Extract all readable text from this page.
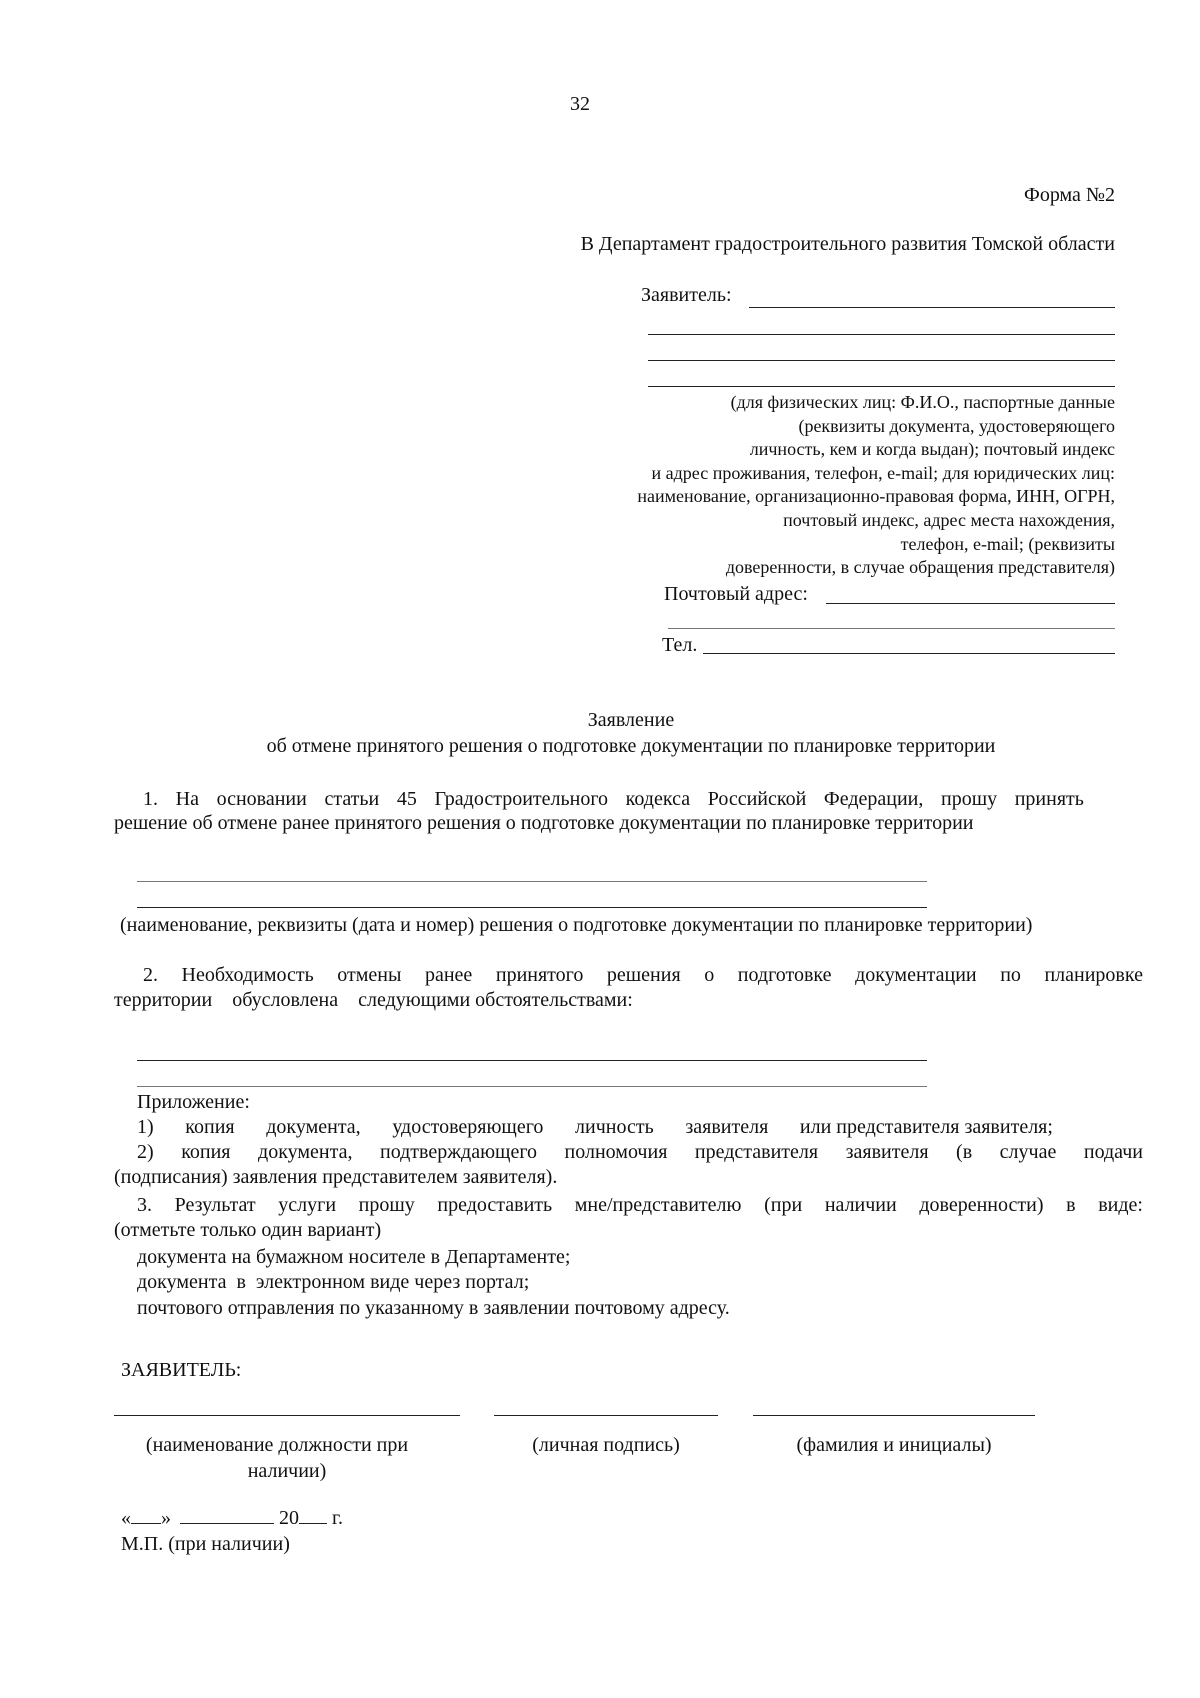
32
Форма №2
В Департамент градостроительного развития Томской области
Заявитель:
(для физических лиц: Ф.И.О., паспортные данные
(реквизиты документа, удостоверяющего
личность, кем и когда выдан); почтовый индекс
и адрес проживания, телефон, e-mail; для юридических лиц:
наименование, организационно-правовая форма, ИНН, ОГРН,
почтовый индекс, адрес места нахождения,
телефон, e-mail; (реквизиты
доверенности, в случае обращения представителя)
Почтовый адрес:
Тел.
Заявление
об отмене принятого решения о подготовке документации по планировке территории
1. На основании статьи 45 Градостроительного кодекса Российской Федерации, прошу принять
решение об отмене ранее принятого решения о подготовке документации по планировке территории
(наименование, реквизиты (дата и номер) решения о подготовке документации по планировке территории)
2. Необходимость отмены ранее принятого решения о подготовке документации по планировке
территории    обусловлена    следующими обстоятельствами:
Приложение:
1) копия документа, удостоверяющего личность заявителя или представителя заявителя;
2) копия документа, подтверждающего полномочия представителя заявителя (в случае подачи
(подписания) заявления представителем заявителя).
3. Результат услуги прошу предоставить мне/представителю (при наличии доверенности) в виде:
(отметьте только один вариант)
документа на бумажном носителе в Департаменте;
документа  в  электронном виде через портал;
почтового отправления по указанному в заявлении почтовому адресу.
ЗАЯВИТЕЛЬ:
(наименование должности при
наличии)
(личная подпись)	(фамилия и инициалы)
« »	20 г.
М.П. (при наличии)
